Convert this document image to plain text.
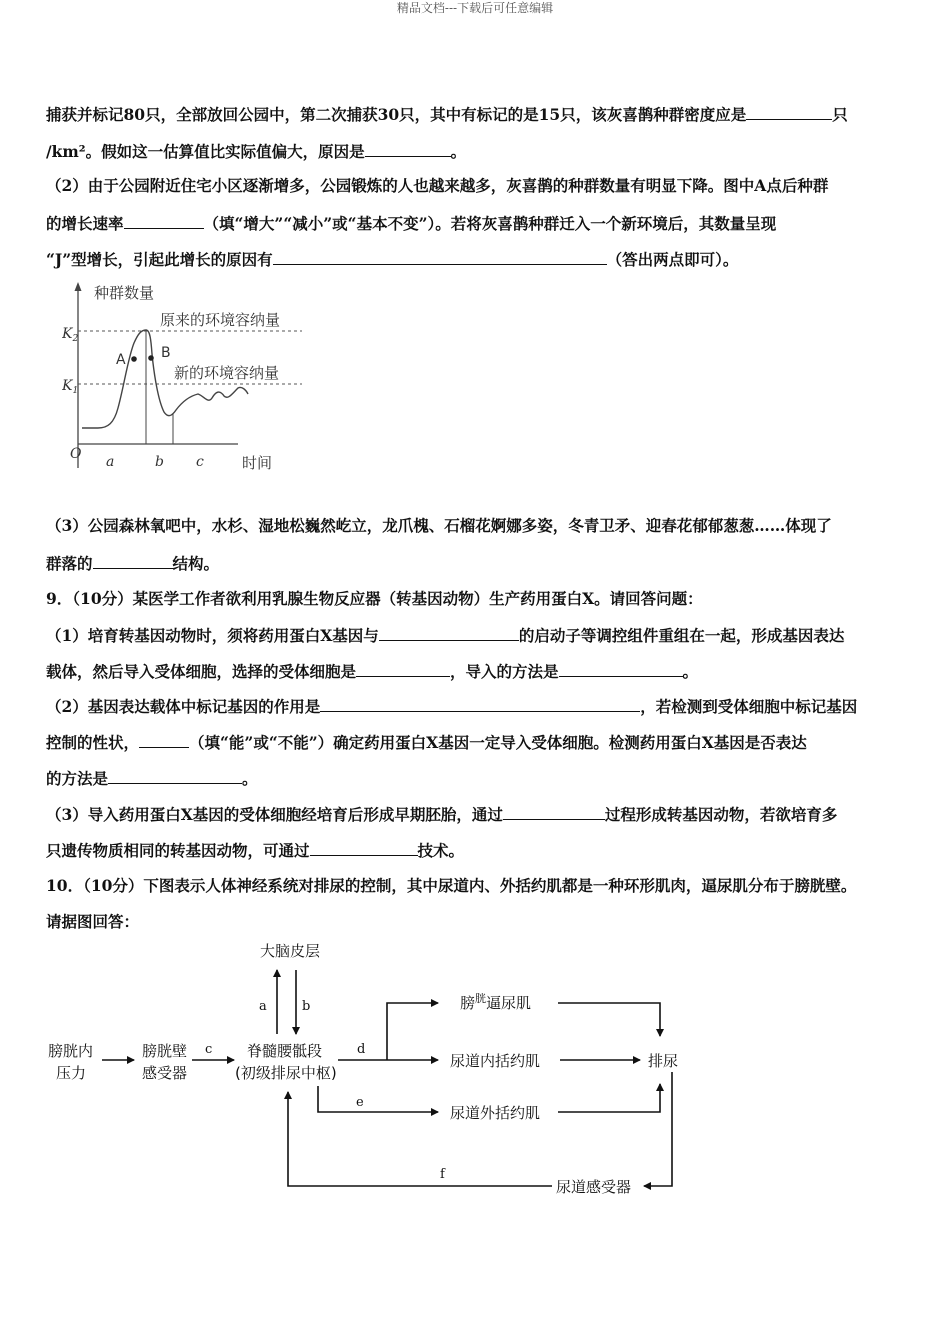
精品文档---下载后可任意编辑
捕获并标记80只，全部放回公园中，第二次捕获30只，其中有标记的是15只，该灰喜鹊种群密度应是	只
/km²。假如这一估算值比实际值偏大，原因是	。
（2）由于公园附近住宅小区逐渐增多，公园锻炼的人也越来越多，灰喜鹊的种群数量有明显下降。图中A点后种群
的增长速率	（填“增大”“减小”或“基本不变”）。若将灰喜鹊种群迁入一个新环境后，其数量呈现
“J”型增长，引起此增长的原因有	（答出两点即可）。
（3）公园森林氧吧中，水杉、湿地松巍然屹立，龙爪槐、石榴花婀娜多姿，冬青卫矛、迎春花郁郁葱葱……体现了
群落的	结构。
9．（10分）某医学工作者欲利用乳腺生物反应器（转基因动物）生产药用蛋白X。请回答问题：
（1）培育转基因动物时，须将药用蛋白X基因与	的启动子等调控组件重组在一起，形成基因表达
载体，然后导入受体细胞，选择的受体细胞是	，导入的方法是	。
（2）基因表达载体中标记基因的作用是	，若检测到受体细胞中标记基因
控制的性状，	（填“能”或“不能”）确定药用蛋白X基因一定导入受体细胞。检测药用蛋白X基因是否表达
的方法是	。
（3）导入药用蛋白X基因的受体细胞经培育后形成早期胚胎，通过	过程形成转基因动物，若欲培育多
只遗传物质相同的转基因动物，可通过	技术。
10．（10分）下图表示人体神经系统对排尿的控制，其中尿道内、外括约肌都是一种环形肌肉，逼尿肌分布于膀胱壁。
请据图回答：
种群数量
时间
O
$K_2$
$K_1$
原来的环境容纳量
新的环境容纳量
A	B
a	b c
大脑皮层
a	b
膀胱内
压力
膀胱壁
感受器
c 脊髓腰骶段
(初级排尿中枢)
d
膀$^胱$逼尿肌
尿道内括约肌
e
尿道外括约肌
排尿
尿道感受器
f
